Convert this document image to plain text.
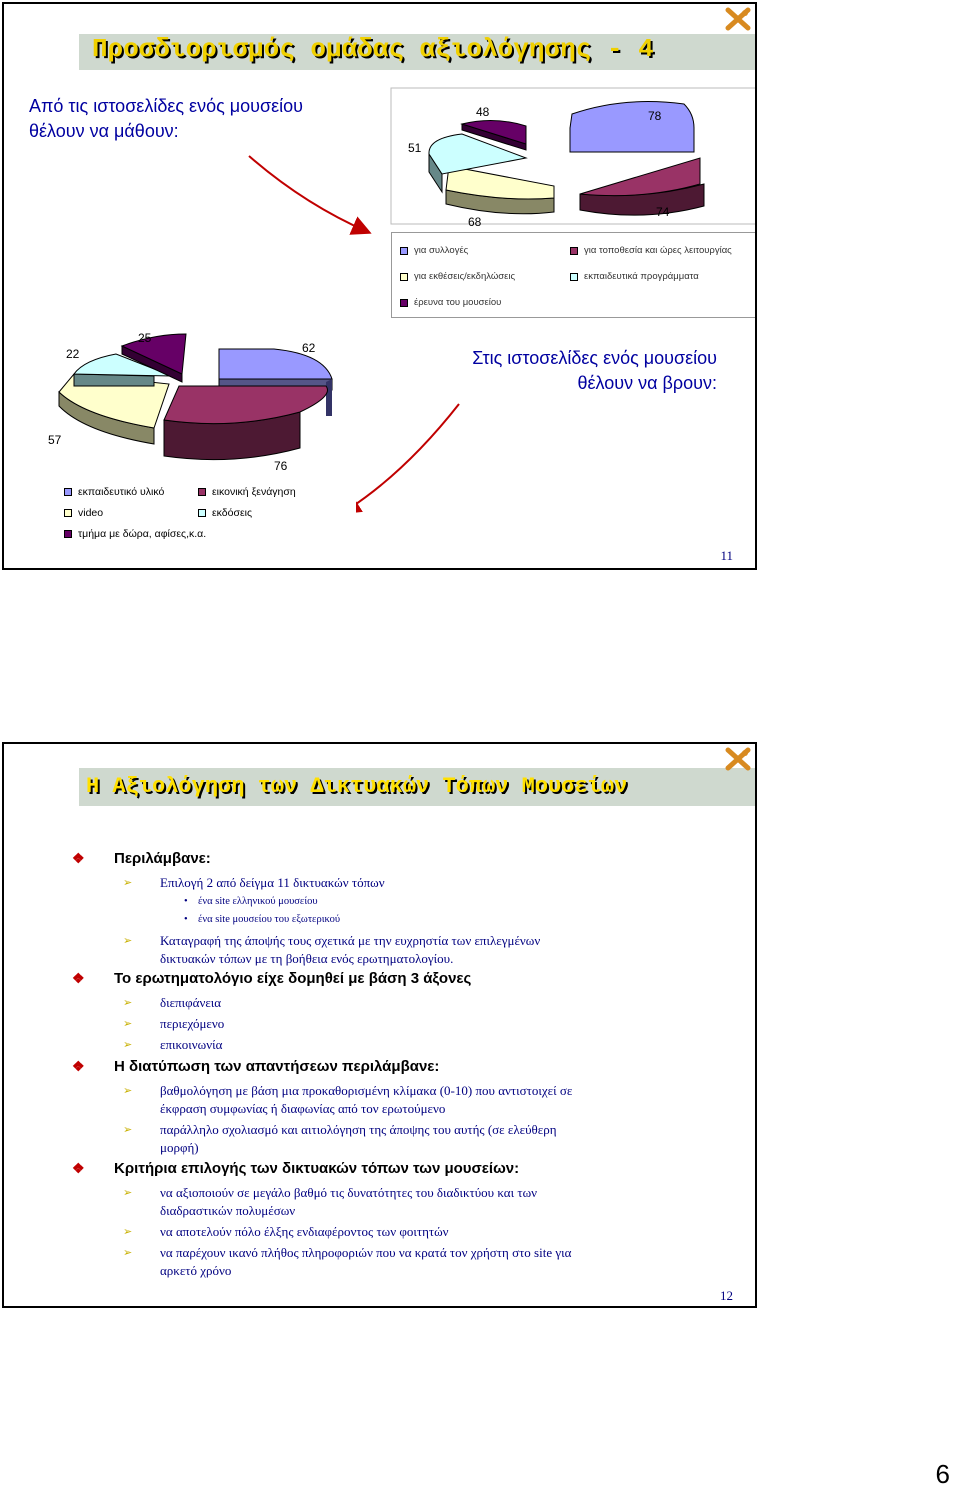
Προσδιορισμός ομάδας αξιολόγησης - 4
Από τις ιστοσελίδες ενός μουσείου
θέλουν να μάθουν:
Στις ιστοσελίδες ενός μουσείου
θέλουν να βρουν:
78
74
68
51
48
62
76
57
22
25
για συλλογές	για τοποθεσία και ώρες λειτουργίας
για εκθέσεις/εκδηλώσεις	εκπαιδευτικά προγράμματα
έρευνα του μουσείου
εκπαιδευτικό υλικό	εικονική ξενάγηση
video	εκδόσεις
τμήμα με δώρα, αφίσες,κ.α.
11
Η Αξιολόγηση των Δικτυακών Τόπων Μουσείων
❖ Περιλάμβανε:
➢ Επιλογή 2 από δείγμα 11 δικτυακών τόπων
• ένα site ελληνικού μουσείου
• ένα site μουσείου του εξωτερικού
➢ Καταγραφή της άποψής τους σχετικά με την ευχρηστία των επιλεγμένων
δικτυακών τόπων με τη βοήθεια ενός ερωτηματολογίου.
❖ Το ερωτηματολόγιο είχε δομηθεί με βάση 3 άξονες
➢ διεπιφάνεια
➢ περιεχόμενο
➢ επικοινωνία
❖ Η διατύπωση των απαντήσεων περιλάμβανε:
➢ βαθμολόγηση με βάση μια προκαθορισμένη κλίμακα (0-10) που αντιστοιχεί σε
έκφραση συμφωνίας ή διαφωνίας από τον ερωτούμενο
➢ παράλληλο σχολιασμό και αιτιολόγηση της άποψης του αυτής (σε ελεύθερη
μορφή)
❖ Κριτήρια επιλογής των δικτυακών τόπων των μουσείων:
➢ να αξιοποιούν σε μεγάλο βαθμό τις δυνατότητες του διαδικτύου και των
διαδραστικών πολυμέσων
➢ να αποτελούν πόλο έλξης ενδιαφέροντος των φοιτητών
➢ να παρέχουν ικανό πλήθος πληροφοριών που να κρατά τον χρήστη στο site για
αρκετό χρόνο
12
6
